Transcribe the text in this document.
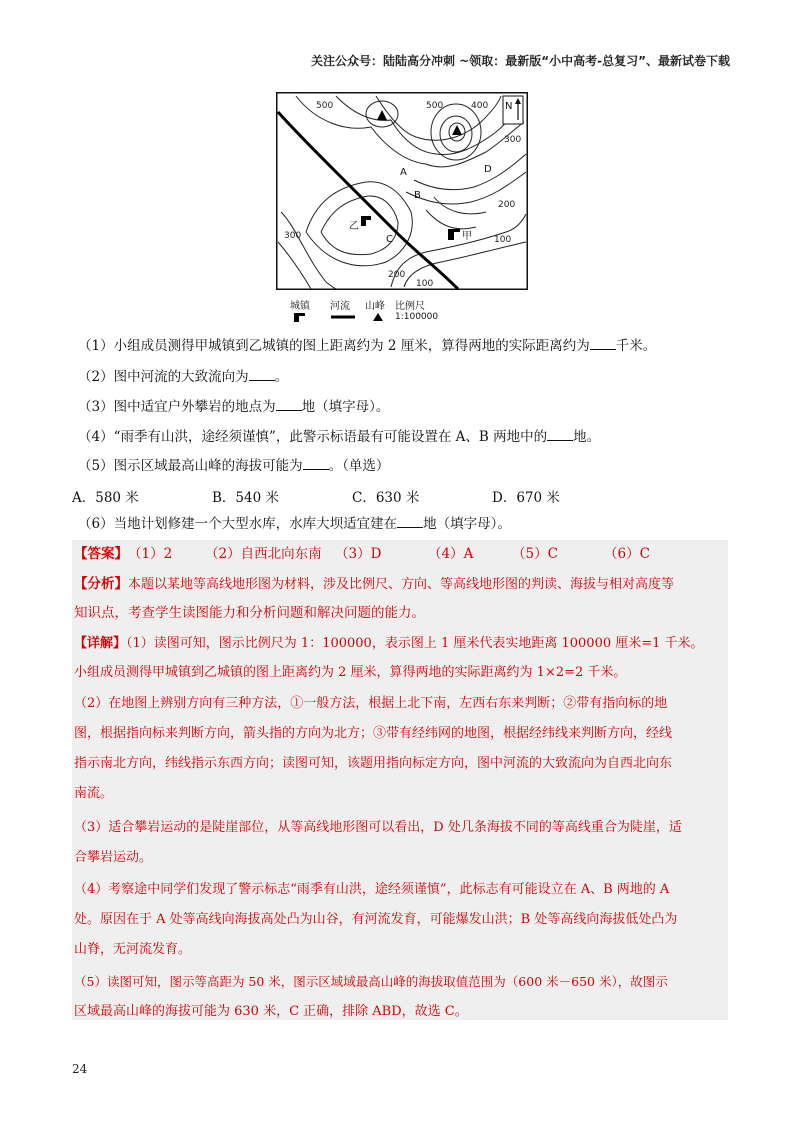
关注公众号：陆陆高分冲刺 ~领取：最新版“小中高考-总复习”、最新试卷下载
N
500	500	400
300
200
100
300
200
100
A
B
C
D
乙
甲
城镇 河流 山峰 比例尺
1:100000
（1）小组成员测得甲城镇到乙城镇的图上距离约为 2 厘米，算得两地的实际距离约为 千米。
（2）图中河流的大致流向为 。
（3）图中适宜户外攀岩的地点为 地（填字母）。
（4）“雨季有山洪，途经须谨慎”，此警示标语最有可能设置在 A、B 两地中的 地。
（5）图示区域最高山峰的海拔可能为 。（单选）
A．580 米	B．540 米	C．630 米	D．670 米
（6）当地计划修建一个大型水库，水库大坝适宜建在 地（填字母）。
【答案】 （1）2 （2）自西北向东南 （3）D	（4）A	（5）C	（6）C
【分析】本题以某地等高线地形图为材料，涉及比例尺、方向、等高线地形图的判读、海拔与相对高度等
知识点，考查学生读图能力和分析问题和解决问题的能力。
【详解】（1）读图可知，图示比例尺为 1：100000，表示图上 1 厘米代表实地距离 100000 厘米=1 千米。
小组成员测得甲城镇到乙城镇的图上距离约为 2 厘米，算得两地的实际距离约为 1×2=2 千米。
（2）在地图上辨别方向有三种方法，①一般方法，根据上北下南，左西右东来判断；②带有指向标的地
图，根据指向标来判断方向，箭头指的方向为北方；③带有经纬网的地图，根据经纬线来判断方向，经线
指示南北方向，纬线指示东西方向；读图可知，该题用指向标定方向，图中河流的大致流向为自西北向东
南流。
（3）适合攀岩运动的是陡崖部位，从等高线地形图可以看出，D 处几条海拔不同的等高线重合为陡崖，适
合攀岩运动。
（4）考察途中同学们发现了警示标志“雨季有山洪，途经须谨慎”，此标志有可能设立在 A、B 两地的 A
处。原因在于 A 处等高线向海拔高处凸为山谷，有河流发育，可能爆发山洪；B 处等高线向海拔低处凸为
山脊，无河流发育。
（5）读图可知，图示等高距为 50 米，图示区域域最高山峰的海拔取值范围为（600 米－650 米），故图示
区域最高山峰的海拔可能为 630 米，C 正确，排除 ABD，故选 C。
24
